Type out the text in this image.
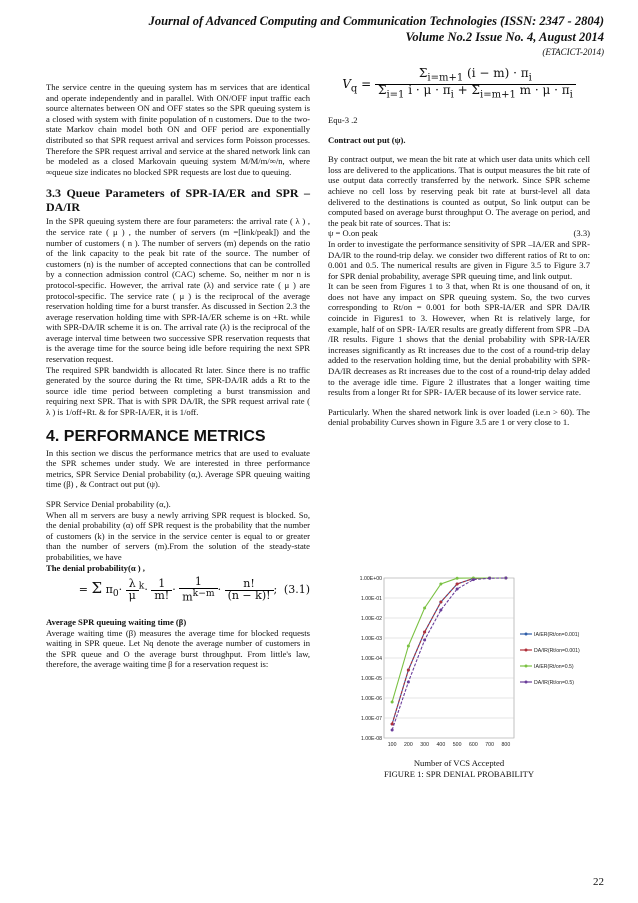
Journal of Advanced Computing and Communication Technologies (ISSN: 2347 - 2804)
Volume No.2 Issue No. 4, August 2014
(ETACICT-2014)

The service centre in the queuing system has m services that are identical and operate independently and in parallel. With ON/OFF input traffic each source alternates between ON and OFF states so the SPR queuing system is a closed with system with finite population of n customers. Due to the two-state Markov chain model both ON and OFF period are exponentially distributed so that SPR request arrival and services form Poisson processes. Therefore the SPR request arrival and service at the shared network link can be modeled as a closed Markovain queuing system M/M/m/∞/n, where ∞queue size indicates no blocked SPR requests are lost due to queuing.

3.3 Queue Parameters of SPR-IA/ER and SPR – DA/IR

In the SPR queuing system there are four parameters: the arrival rate ( λ ) , the service rate ( μ ) , the number of servers (m =[link/peak]) and the number of customers ( n ). The number of servers (m) depends on the ratio of the link capacity to the peak bit rate of the source. The number of customers (n) is the number of accepted connections that can be controlled by a connection admission control (CAC) scheme. So, neither m nor n is protocol-specific. However, the arrival rate (λ) and service rate ( μ ) are protocol-specific. The service rate ( μ ) is the reciprocal of the average reservation holding time for a burst transfer. As discussed in Section 2.3 the average reservation holding time with SPR-IA/ER scheme is on +Rt. while with SPR-DA/IR scheme it is on. The arrival rate (λ) is the reciprocal of the average interval time between two successive SPR reservation requests that is the average time for the source being idle before requiring the next SPR reservation request.

The required SPR bandwidth is allocated Rt later. Since there is no traffic generated by the source during the Rt time, SPR-DA/IR adds a Rt to the source idle time period between completing a burst transmission and requiring next SPR. That is with SPR DA/IR, the SPR request arrival rate ( λ ) is 1/off+Rt. & for SPR-IA/ER, it is 1/off.

4. PERFORMANCE METRICS

In this section we discus the performance metrics that are used to evaluate the SPR schemes under study. We are interested in three performance metrics, SPR Service Denial probability (α,). Average SPR queuing waiting time (β) , & Contract out put (ψ).

SPR Service Denial probability (α,).

When all m servers are busy a newly arriving SPR request is blocked. So, the denial probability (α) off SPR request is the probability that the number of customers (k) in the service in the service center is equal to or greater than the number of servers (m).From the solution of the steady-state probabilities, we have

The denial probability(α ) ,
= Σ $\pi_0\cdot \frac{\lambda}{\mu} ^k\cdot \frac{1}{m!} \cdot \frac{1}{m^{k-m}} \cdot \frac{n!}{(n - k)!}$ ; (3.1)
Average SPR queuing waiting time (β)

Average waiting time (β) measures the average time for blocked requests waiting in SPR queue. Let Nq denote the average number of customers in the SPR queue and O the average burst throughput. From little's law, therefore, the average waiting time β for a reservation request is:

$V_q = \frac{\Sigma_{i=m+1} (i - m) \cdot \pi_i}{\Sigma_{i=1} i \cdot \mu \cdot \pi_i + \Sigma_{i=m+1} m \cdot \mu \cdot \pi_i}$

Equ-3 .2

Contract out put (ψ).

By contract output, we mean the bit rate at which user data units which cell loss are delivered to the applications. That is output measures the bit rate of use output data correctly transferred by the network. Since SPR scheme achieve no cell loss by reserving peak bit rate at burst-level all data delivered to the destinations is counted as output, So link output can be computed based on average burst throughput O. The average on period, and the peak bit rate of sources. That is:

ψ = O.on peak	(3.3)

In order to investigate the performance sensitivity of SPR –IA/ER and SPR- DA/IR to the round-trip delay. we consider two different ratios of Rt to on: 0.001 and 0.5. The numerical results are given in Figure 3.5 to Figure 3.7 for SPR denial probability, average SPR queuing time, and link output.

It can be seen from Figures 1 to 3 that, when Rt is one thousand of on, it does not have any impact on SPR queuing system. So, the two curves corresponding to Rt/on = 0.001 for both SPR-IA/ER and SPR DA/IR coincide in Figures1 to 3. However, when Rt is relatively large, for example, half of on SPR- IA/ER results are greatly different from SPR –DA /IR results. Figure 1 shows that the denial probability with SPR-IA/ER increases significantly as Rt increases due to the cost of a round-trip delay added to the reservation holding time, but the denial probability with SPR- DA/IR decreases as Rt increases due to the cost of a round-trip delay added to the average idle time. Figure 2 illustrates that a longer waiting time results from a longer Rt for SPR- IA/ER because of its lower service rate.

Particularly. When the shared network link is over loaded (i.e.n > 60). The denial probability Curves shown in Figure 3.5 are 1 or very close to 1.

1.00E-08
1.00E-07
1.00E-06
1.00E-05
1.00E-04
1.00E-03
1.00E-02
1.00E-01
1.00E+00
100 200 300 400 500 600 700 800
IA/ER(Rt/on=0.001)
DA/IR(Rt/on=0.001)
IA/ER(Rt/on=0.5)
DA/IR(Rt/on=0.5)
Number of VCS Accepted
FIGURE 1: SPR DENIAL PROBABILITY
22
